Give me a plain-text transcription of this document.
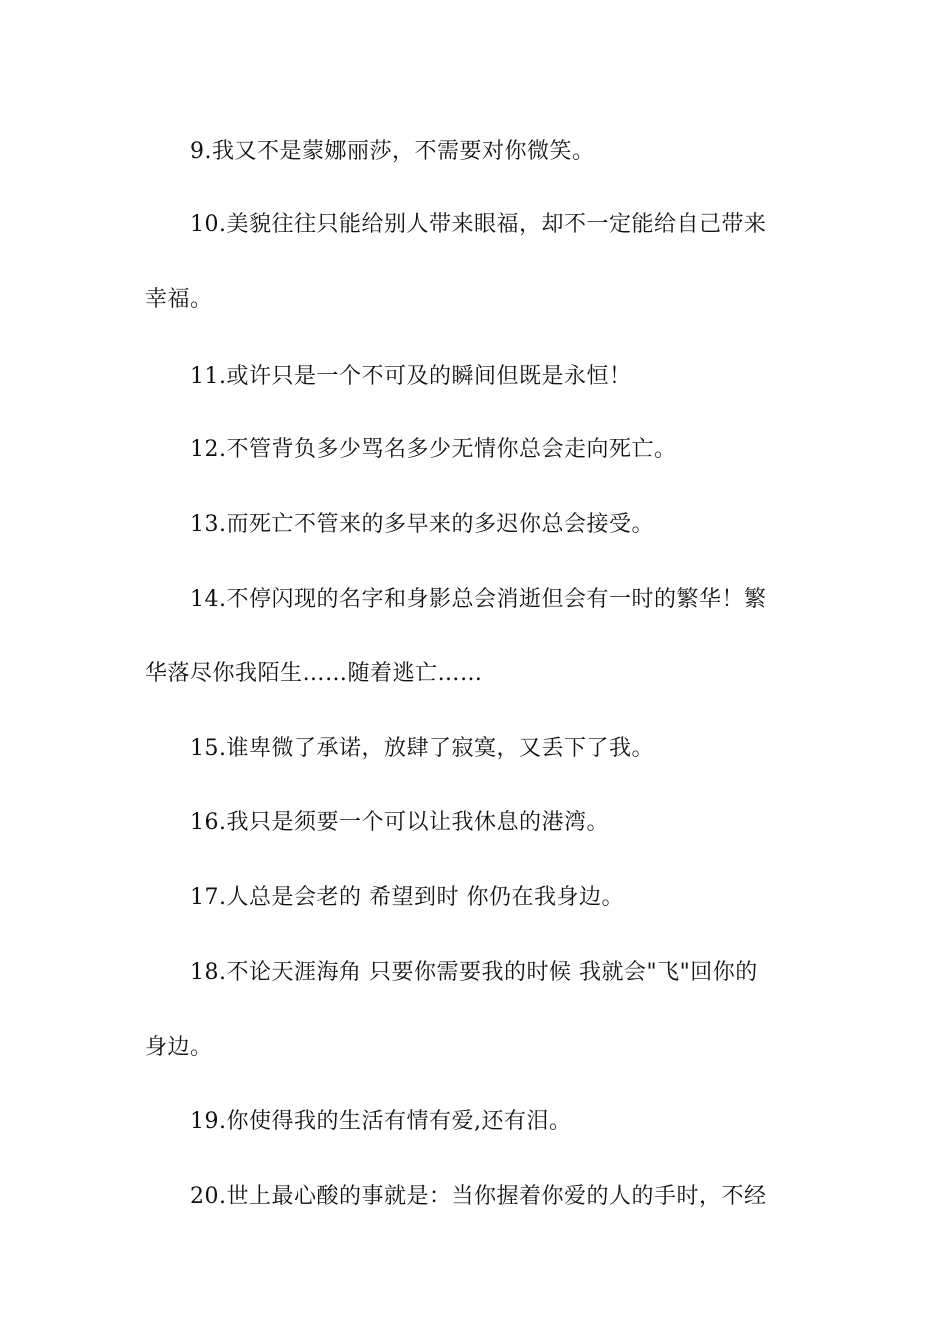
9.我又不是蒙娜丽莎，不需要对你微笑。
10.美貌往往只能给别人带来眼福，却不一定能给自己带来
幸福。
11.或许只是一个不可及的瞬间但既是永恒！
12.不管背负多少骂名多少无情你总会走向死亡。
13.而死亡不管来的多早来的多迟你总会接受。
14.不停闪现的名字和身影总会消逝但会有一时的繁华！繁
华落尽你我陌生……随着逃亡……
15.谁卑微了承诺，放肆了寂寞，又丢下了我。
16.我只是须要一个可以让我休息的港湾。
17.人总是会老的 希望到时 你仍在我身边。
18.不论天涯海角 只要你需要我的时候 我就会"飞"回你的
身边。
19.你使得我的生活有情有爱,还有泪。
20.世上最心酸的事就是：当你握着你爱的人的手时，不经
